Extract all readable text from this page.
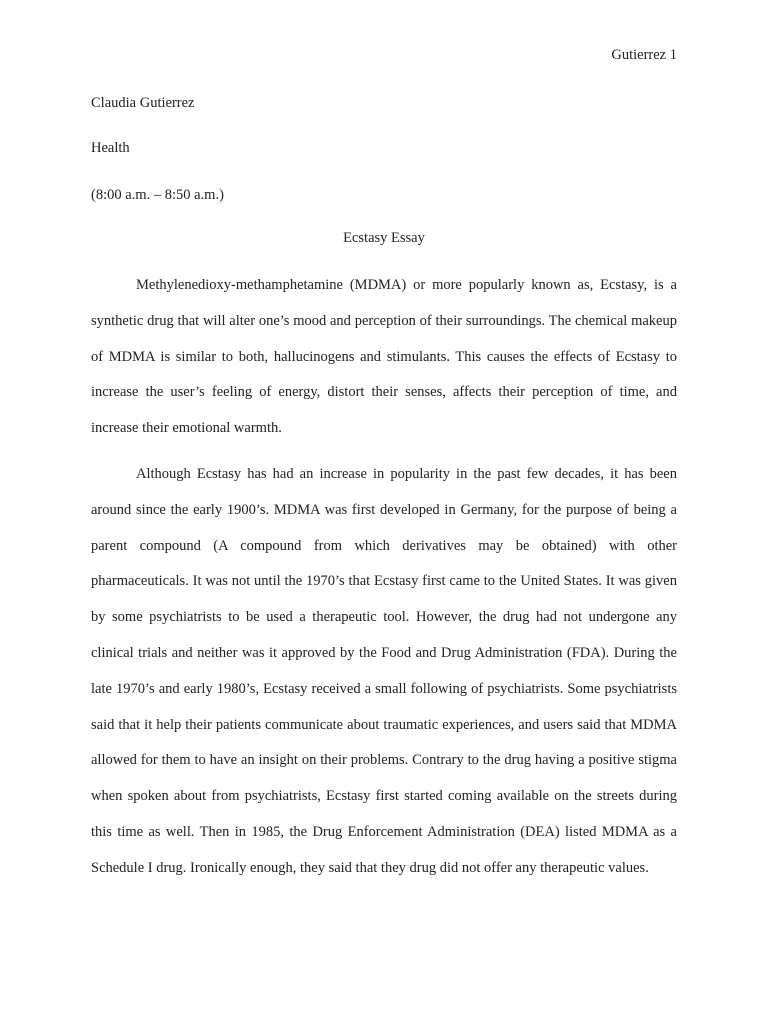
Gutierrez 1
Claudia Gutierrez
Health
(8:00 a.m. – 8:50 a.m.)
Ecstasy Essay

Methylenedioxy-methamphetamine (MDMA) or more popularly known as, Ecstasy, is a synthetic drug that will alter one’s mood and perception of their surroundings. The chemical makeup of MDMA is similar to both, hallucinogens and stimulants. This causes the effects of Ecstasy to increase the user’s feeling of energy, distort their senses, affects their perception of time, and increase their emotional warmth.

Although Ecstasy has had an increase in popularity in the past few decades, it has been around since the early 1900’s. MDMA was first developed in Germany, for the purpose of being a parent compound (A compound from which derivatives may be obtained) with other pharmaceuticals. It was not until the 1970’s that Ecstasy first came to the United States. It was given by some psychiatrists to be used a therapeutic tool. However, the drug had not undergone any clinical trials and neither was it approved by the Food and Drug Administration (FDA). During the late 1970’s and early 1980’s, Ecstasy received a small following of psychiatrists. Some psychiatrists said that it help their patients communicate about traumatic experiences, and users said that MDMA allowed for them to have an insight on their problems. Contrary to the drug having a positive stigma when spoken about from psychiatrists, Ecstasy first started coming available on the streets during this time as well. Then in 1985, the Drug Enforcement Administration (DEA) listed MDMA as a Schedule I drug. Ironically enough, they said that they drug did not offer any therapeutic values.
